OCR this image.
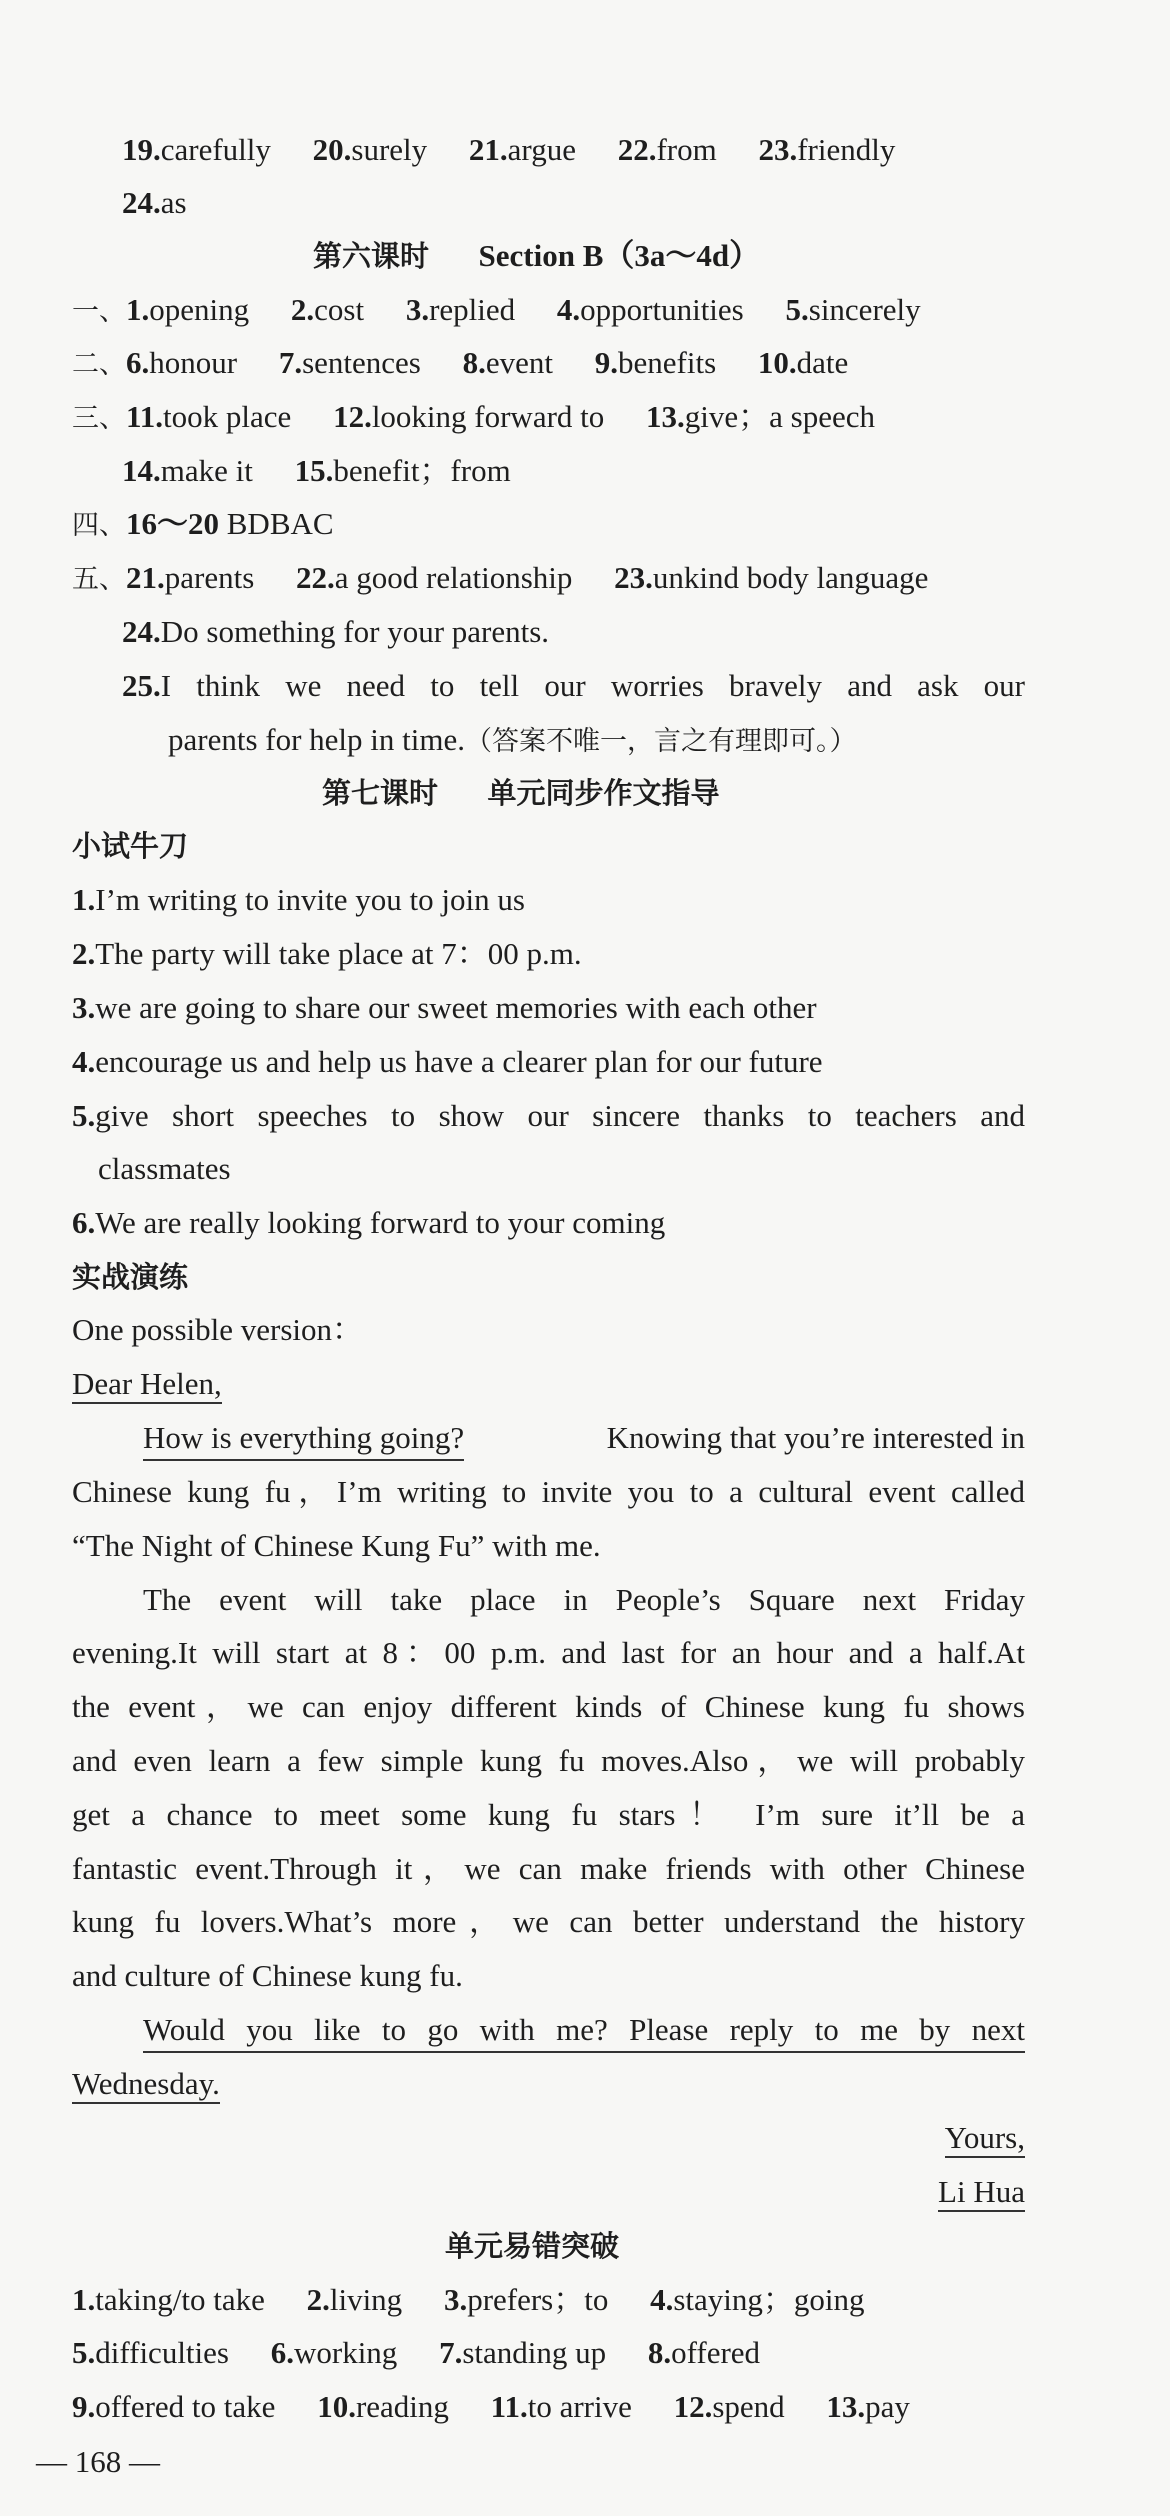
19.carefully 20.surely 21.argue 22.from 23.friendly
24.as
第六课时 Section B（3a～4d）
一、1.opening 2.cost 3.replied 4.opportunities 5.sincerely
二、6.honour 7.sentences 8.event 9.benefits 10.date
三、11.took place 12.looking forward to 13.give；a speech
14.make it 15.benefit；from
四、16～20 BDBAC
五、21.parents 22.a good relationship 23.unkind body language
24.Do something for your parents.
25.I think we need to tell our worries bravely and ask our
parents for help in time.（答案不唯一，言之有理即可。）
第七课时 单元同步作文指导
小试牛刀
1.I’m writing to invite you to join us
2.The party will take place at 7：00 p.m.
3.we are going to share our sweet memories with each other
4.encourage us and help us have a clearer plan for our future
5.give short speeches to show our sincere thanks to teachers and
classmates
6.We are really looking forward to your coming
实战演练
One possible version：
Dear Helen,
How is everything going?	Knowing that you’re interested in
Chinese kung fu，I’m writing to invite you to a cultural event called
“The Night of Chinese Kung Fu” with me.
The event will take place in People’s Square next Friday
evening.It will start at 8：00 p.m. and last for an hour and a half.At
the event，we can enjoy different kinds of Chinese kung fu shows
and even learn a few simple kung fu moves.Also，we will probably
get a chance to meet some kung fu stars！ I’m sure it’ll be a
fantastic event.Through it，we can make friends with other Chinese
kung fu lovers.What’s more，we can better understand the history
and culture of Chinese kung fu.
Would you like to go with me? Please reply to me by next
Wednesday.
Yours,
Li Hua
单元易错突破
1.taking/to take 2.living 3.prefers；to 4.staying；going
5.difficulties 6.working 7.standing up 8.offered
9.offered to take 10.reading 11.to arrive 12.spend 13.pay
— 168 —
